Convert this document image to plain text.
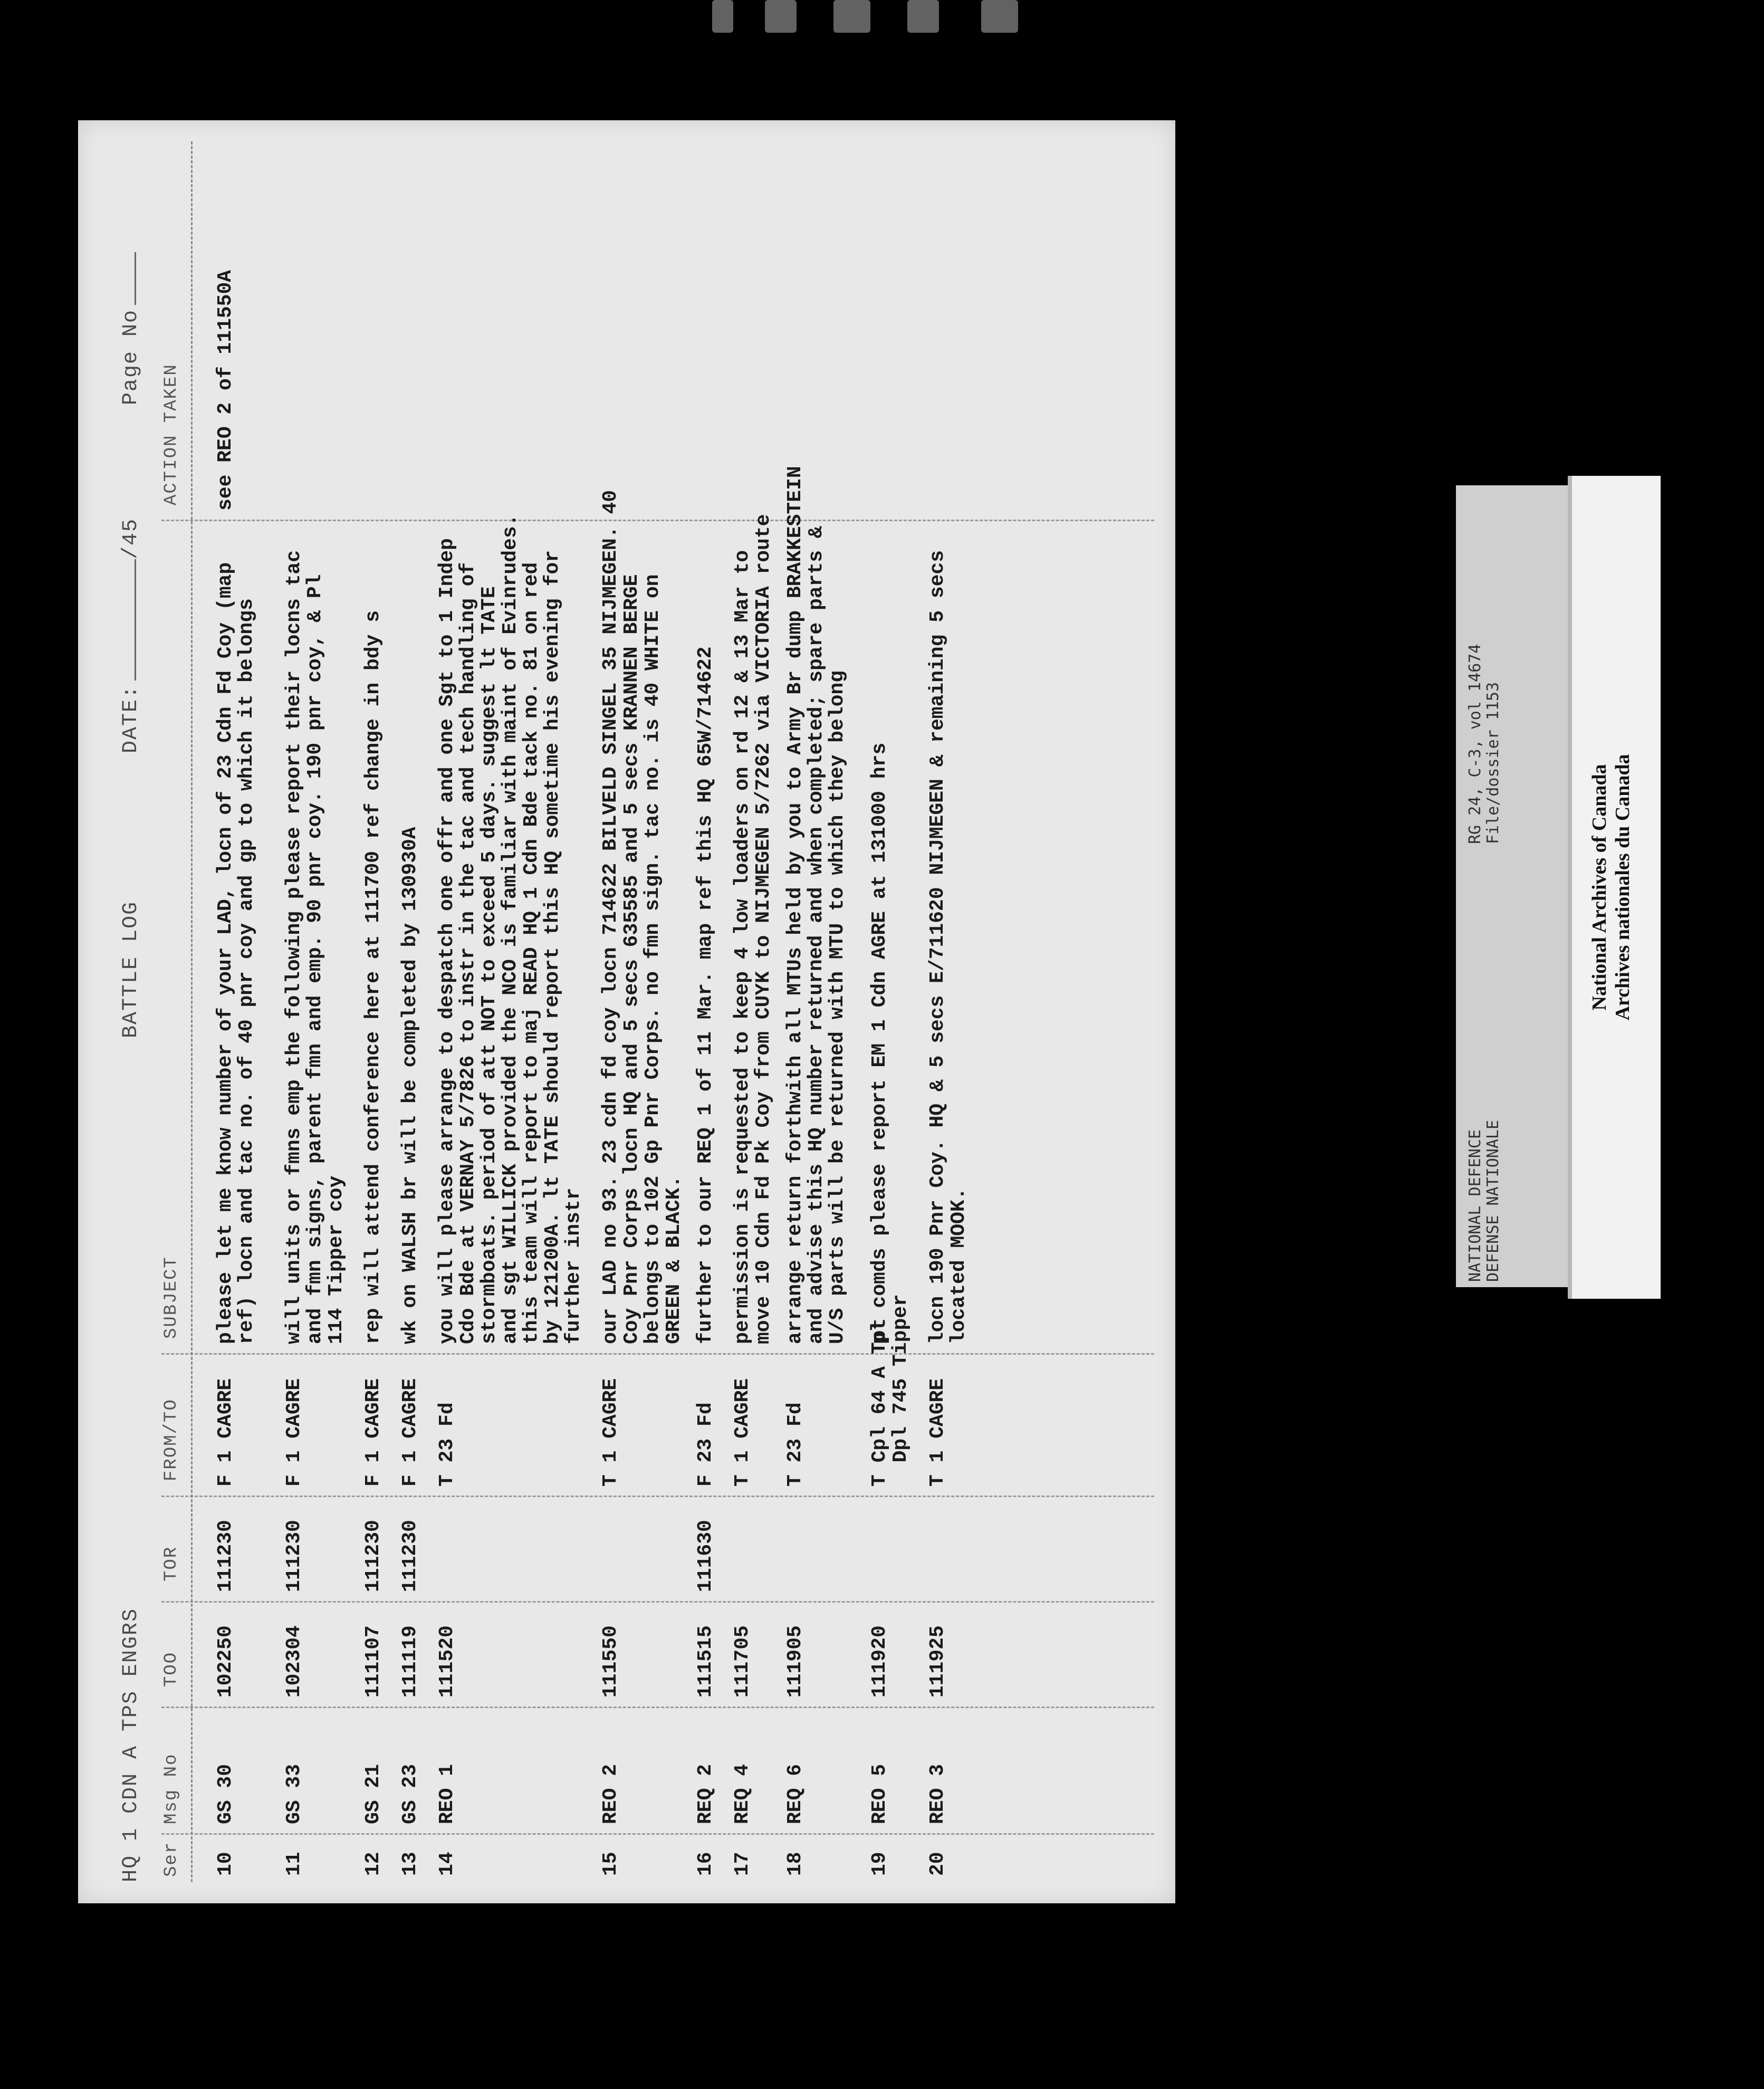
HQ 1 CDN A TPS ENGRS
BATTLE LOG
DATE:/45
Page No
Ser
Msg No
TOO
TOR
FROM/TO
SUBJECT
ACTION TAKEN
10
GS 30
102250
111230
F 1 CAGRE
please let me know number of your LAD, locn of 23 Cdn Fd Coy (map
ref) locn and tac no. of 40 pnr coy and gp to which it belongs
see REO 2 of 111550A
11
GS 33
102304
111230
F 1 CAGRE
will units or fmns emp the following please report their locns tac
and fmn signs, parent fmn and emp. 90 pnr coy. 190 pnr coy, & Pl
114 Tipper coy
12
GS 21
111107
111230
F 1 CAGRE
rep will attend conference here at 111700 ref change in bdy s
13
GS 23
111119
111230
F 1 CAGRE
wk on WALSH br will be completed by 130930A
14
REO 1
111520
T 23 Fd
you will please arrange to despatch one offr and one Sgt to 1 Indep
Cdo Bde at VERNAY 5/7826 to instr in the tac and tech handling of
stormboats. period of att NOT to exceed 5 days. suggest lt TATE
and sgt WILLICK provided the NCO is familiar with maint of Evinrudes.
this team will report to maj READ HQ 1 Cdn Bde tack no. 81 on red
by 121200A. lt TATE should report this HQ sometime his evening for
further instr
15
REO 2
111550
T 1 CAGRE
our LAD no 93. 23 cdn fd coy locn 714622 BILVELD SINGEL 35 NIJMEGEN. 40
Coy Pnr Corps locn HQ and 5 secs 635585 and 5 secs KRANNEN BERGE
belongs to 102 Gp Pnr Corps. no fmn sign. tac no. is 40 WHITE on
GREEN & BLACK.
16
REQ 2
111515
111630
F 23 Fd
further to our REQ 1 of 11 Mar. map ref this HQ 65W/714622
17
REQ 4
111705
T 1 CAGRE
permission is requested to keep 4 low loaders on rd 12 & 13 Mar to
move 10 Cdn Fd Pk Coy from CUYK to NIJMEGEN 5/7262 via VICTORIA route
18
REQ 6
111905
T 23 Fd
arrange return forthwith all MTUs held by you to Army Br dump BRAKKESTEIN
and advise this HQ number returned and when completed; spare parts &
U/S parts will be returned with MTU to which they belong
19
REO 5
111920
T Cpl 64 A Tpt
Dpl 745 Tipper
pl comds please report EM 1 Cdn AGRE at 131000 hrs
20
REO 3
111925
T 1 CAGRE
locn 190 Pnr Coy. HQ & 5 secs E/711620 NIJMEGEN & remaining 5 secs
located MOOK.	NATIONAL DEFENCE DEFENSE NATIONALE
RG 24, C-3, vol 14674 File/dossier 1153
National Archives of Canada Archives nationales du Canada
